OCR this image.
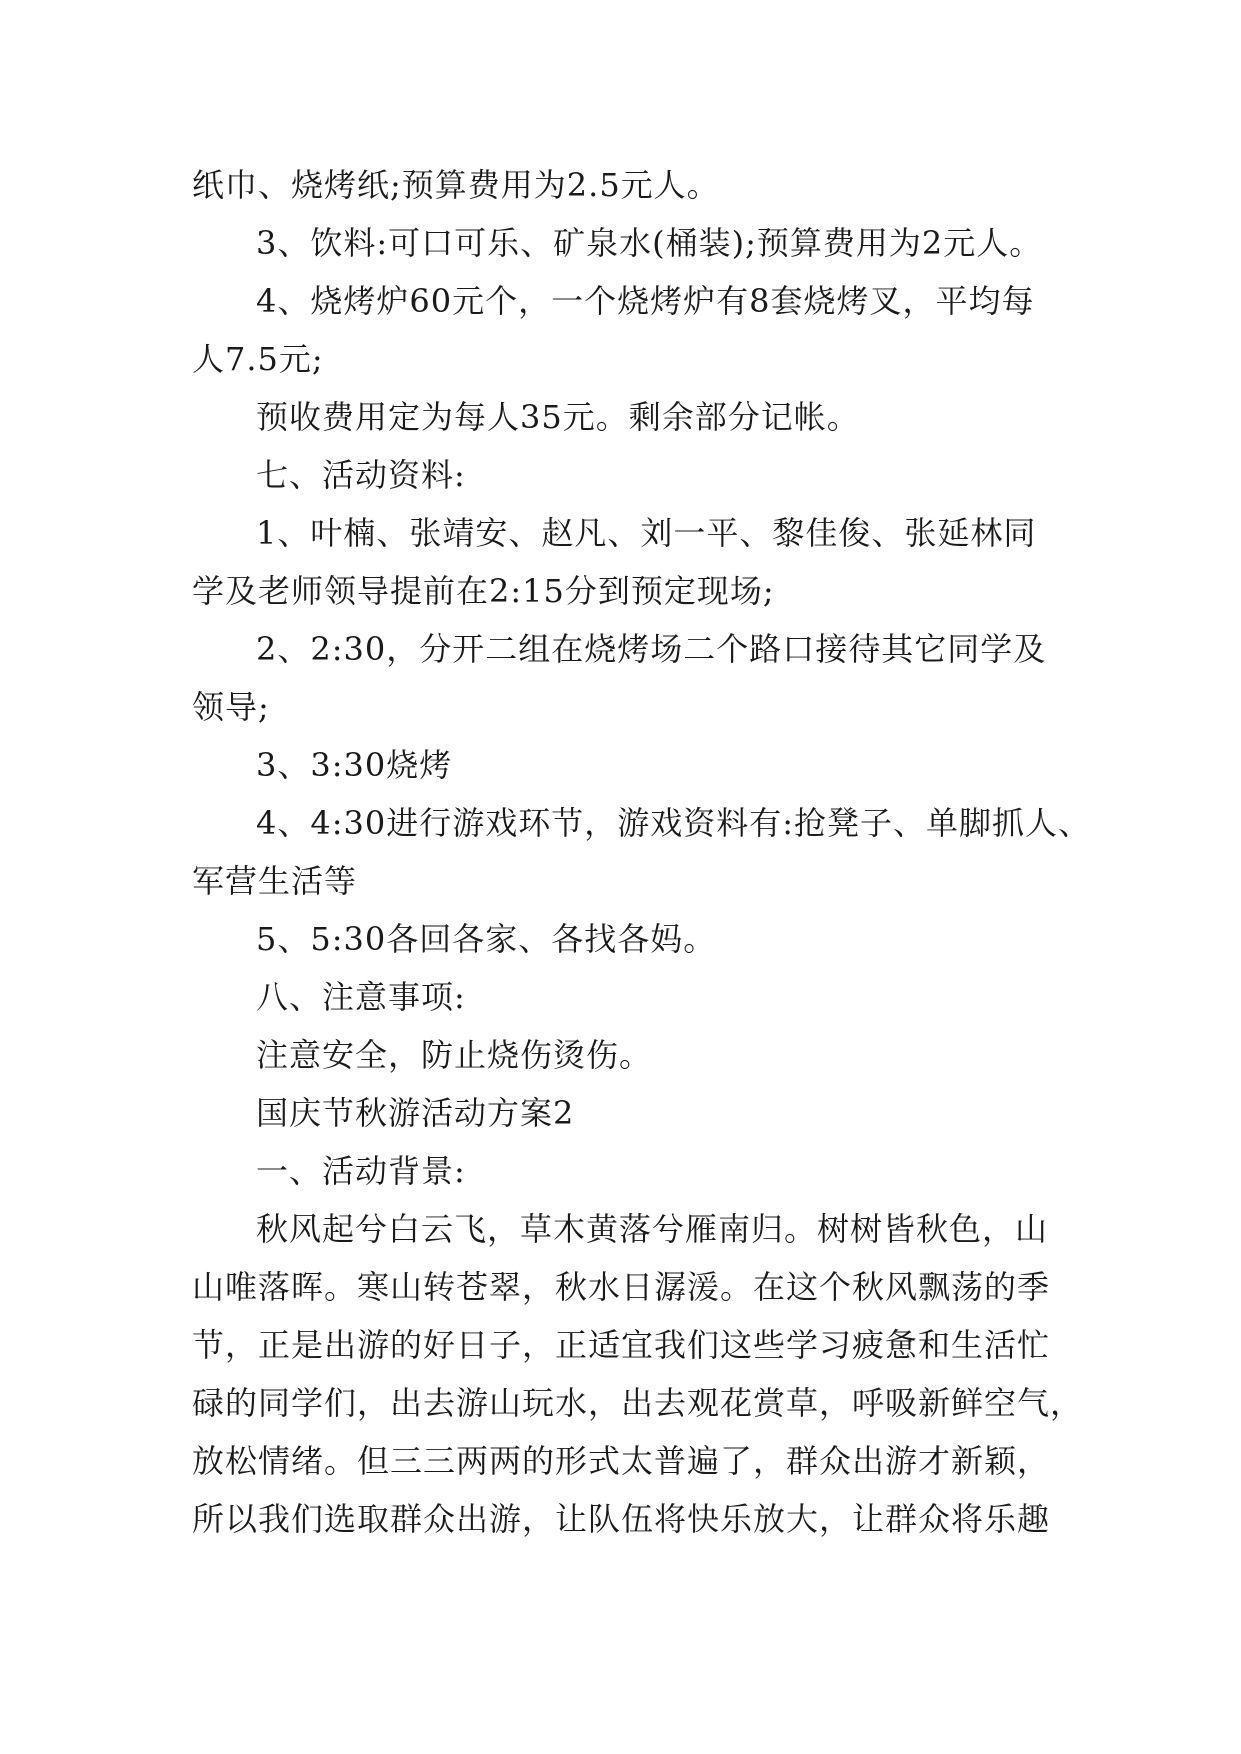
纸巾、烧烤纸;预算费用为2.5元人。
3、饮料:可口可乐、矿泉水(桶装);预算费用为2元人。
4、烧烤炉60元个，一个烧烤炉有8套烧烤叉，平均每
人7.5元;
预收费用定为每人35元。剩余部分记帐。
七、活动资料:
1、叶楠、张靖安、赵凡、刘一平、黎佳俊、张延林同
学及老师领导提前在2:15分到预定现场;
2、2:30，分开二组在烧烤场二个路口接待其它同学及
领导;
3、3:30烧烤
4、4:30进行游戏环节，游戏资料有:抢凳子、单脚抓人、
军营生活等
5、5:30各回各家、各找各妈。
八、注意事项:
注意安全，防止烧伤烫伤。
国庆节秋游活动方案2
一、活动背景:
秋风起兮白云飞，草木黄落兮雁南归。树树皆秋色，山
山唯落晖。寒山转苍翠，秋水日潺湲。在这个秋风飘荡的季
节，正是出游的好日子，正适宜我们这些学习疲惫和生活忙
碌的同学们，出去游山玩水，出去观花赏草，呼吸新鲜空气，
放松情绪。但三三两两的形式太普遍了，群众出游才新颖，
所以我们选取群众出游，让队伍将快乐放大，让群众将乐趣
